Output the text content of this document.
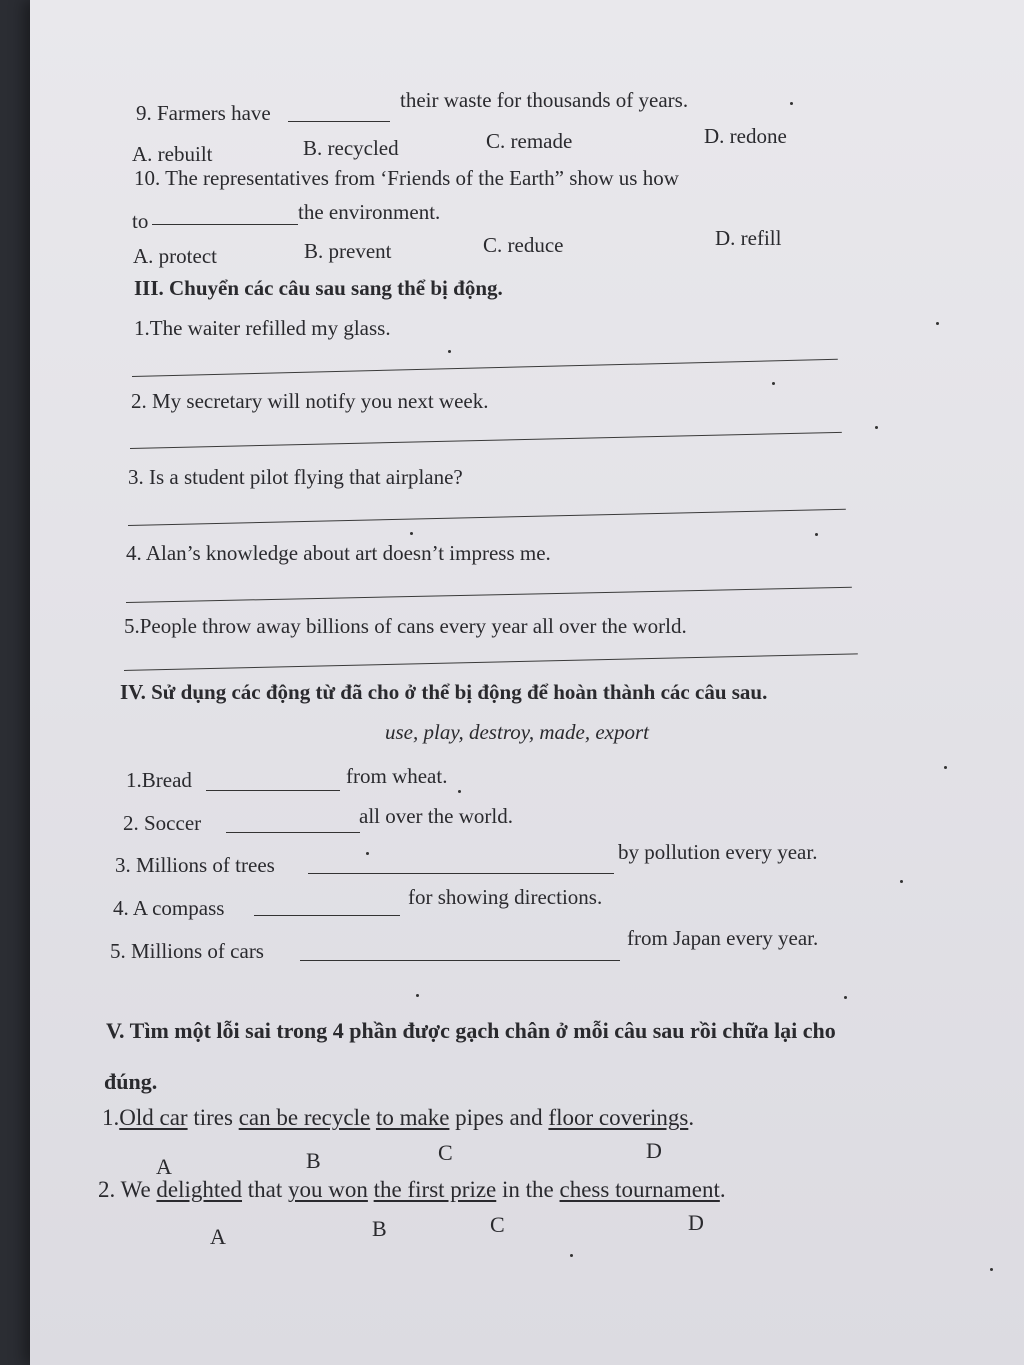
9. Farmers have
their waste for thousands of years.
A. rebuilt	B. recycled	C. remade	D. redone
10. The representatives from ‘Friends of the Earth” show us how
to	the environment.
A. protect	B. prevent	C. reduce	D. refill
III. Chuyển các câu sau sang thể bị động.
1.The waiter refilled my glass.
2. My secretary will notify you next week.
3. Is a student pilot flying that airplane?
4. Alan’s knowledge about art doesn’t impress me.
5.People throw away billions of cans every year all over the world.
IV. Sử dụng các động từ đã cho ở thể bị động để hoàn thành các câu sau.
use, play, destroy, made, export
1.Bread	from wheat.
2. Soccer	all over the world.
3. Millions of trees
by pollution every year.
4. A compass	for showing directions.
5. Millions of cars
from Japan every year.
V. Tìm một lỗi sai trong 4 phần được gạch chân ở mỗi câu sau rồi chữa lại cho
đúng.
1.Old car tires can be recycle to make pipes and floor coverings.
A	B	C	D
2. We delighted that you won the first prize in the chess tournament.
A	B	C	D
